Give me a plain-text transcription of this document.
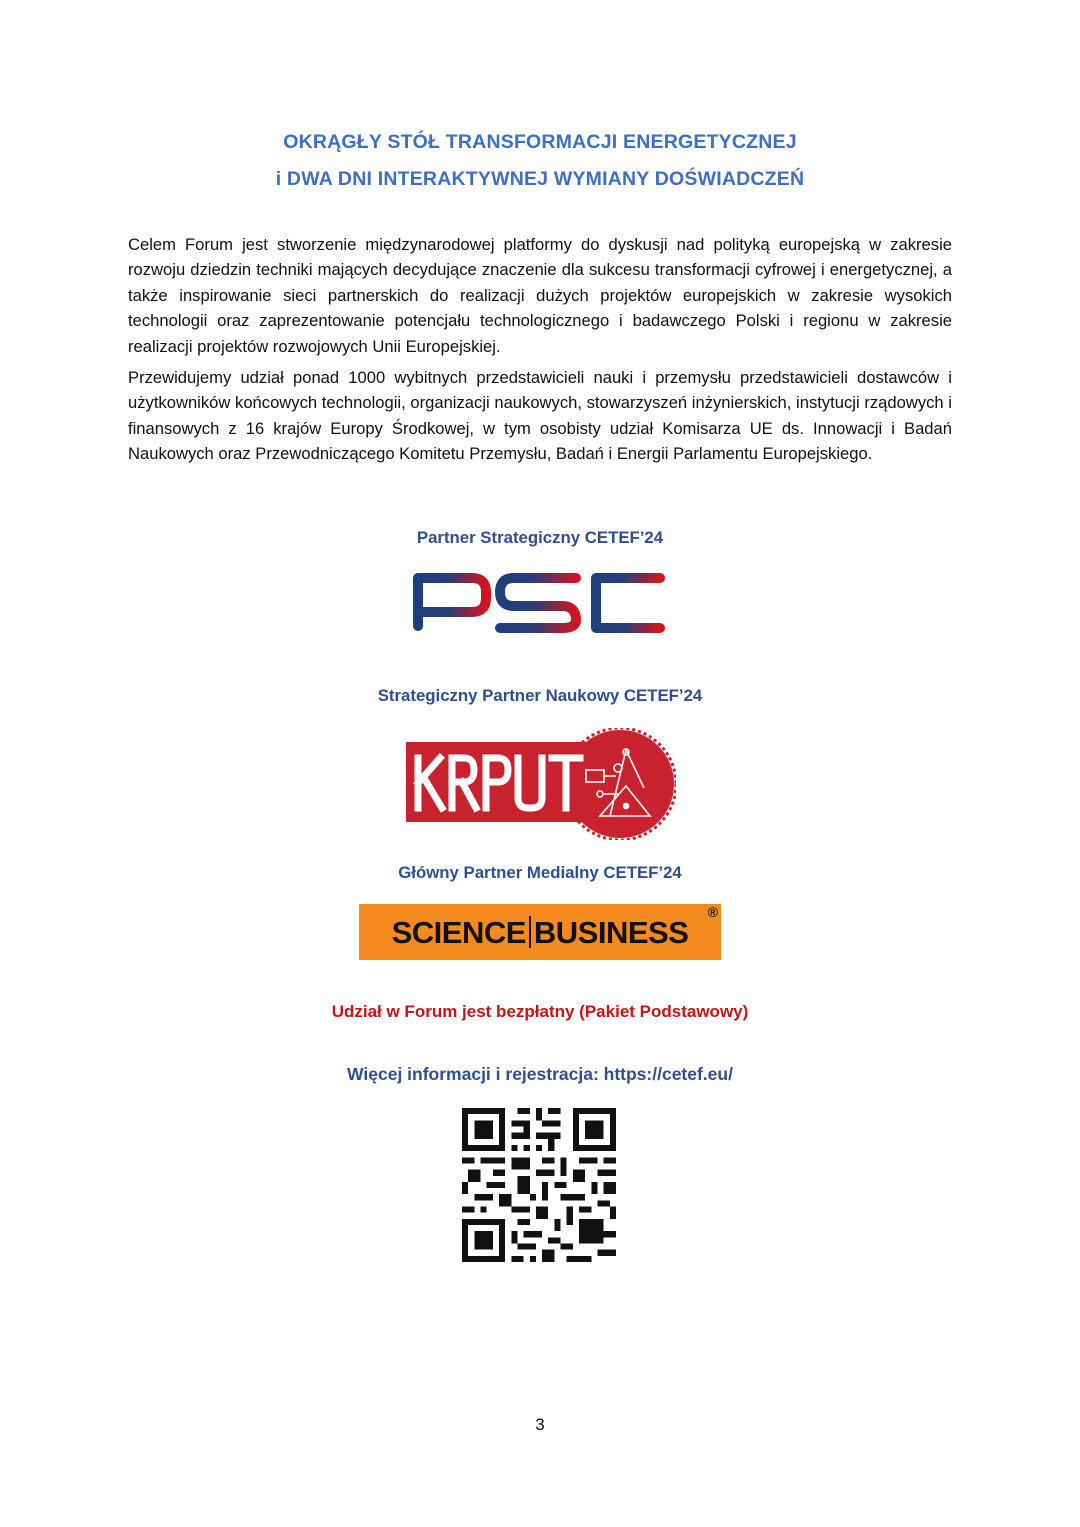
OKRĄGŁY STÓŁ TRANSFORMACJI ENERGETYCZNEJ
i DWA DNI INTERAKTYWNEJ WYMIANY DOŚWIADCZEŃ

Celem Forum jest stworzenie międzynarodowej platformy do dyskusji nad polityką europejską w zakresie rozwoju dziedzin techniki mających decydujące znaczenie dla sukcesu transformacji cyfrowej i energetycznej, a także inspirowanie sieci partnerskich do realizacji dużych projektów europejskich w zakresie wysokich technologii oraz zaprezentowanie potencjału technologicznego i badawczego Polski i regionu w zakresie realizacji projektów rozwojowych Unii Europejskiej.

Przewidujemy udział ponad 1000 wybitnych przedstawicieli nauki i przemysłu przedstawicieli dostawców i użytkowników końcowych technologii, organizacji naukowych, stowarzyszeń inżynierskich, instytucji rządowych i finansowych z 16 krajów Europy Środkowej, w tym osobisty udział Komisarza UE ds. Innowacji i Badań Naukowych oraz Przewodniczącego Komitetu Przemysłu, Badań i Energii Parlamentu Europejskiego.

Partner Strategiczny CETEF’24
Strategiczny Partner Naukowy CETEF’24
Główny Partner Medialny CETEF’24
SCIENCE BUSINESS
®
Udział w Forum jest bezpłatny (Pakiet Podstawowy)
Więcej informacji i rejestracja: https://cetef.eu/
3
